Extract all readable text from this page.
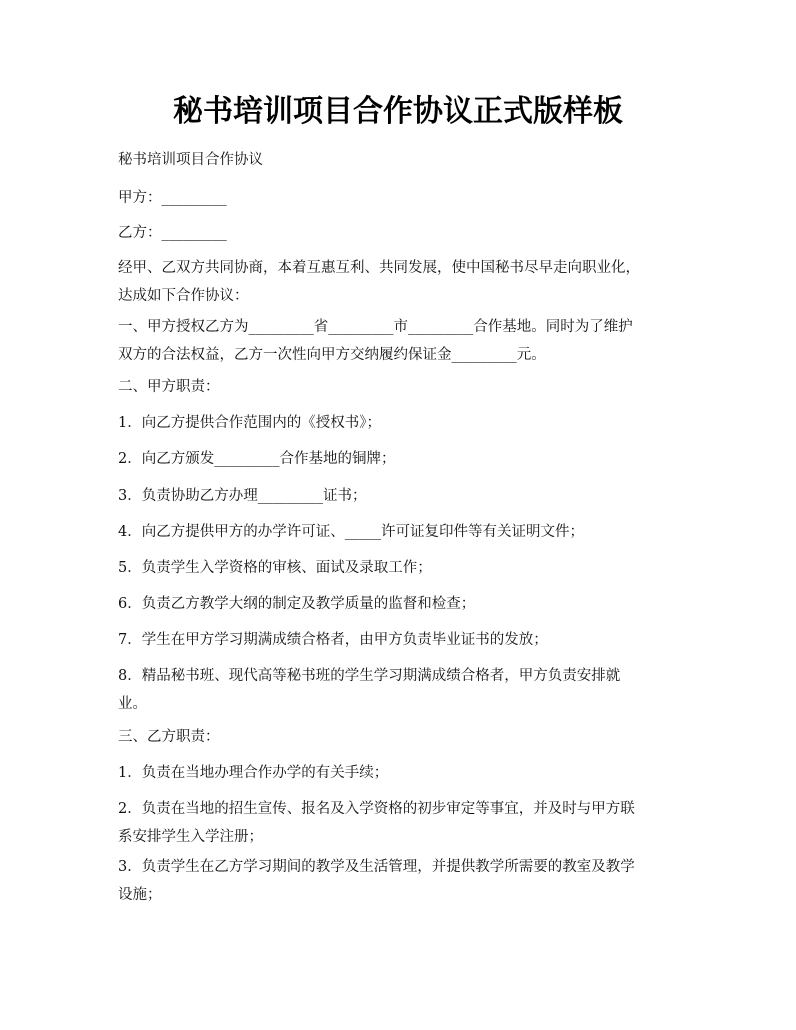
秘书培训项目合作协议正式版样板
秘书培训项目合作协议
甲方：_________
乙方：_________
经甲、乙双方共同协商，本着互惠互利、共同发展，使中国秘书尽早走向职业化，
达成如下合作协议：
一、甲方授权乙方为_________省_________市_________合作基地。同时为了维护
双方的合法权益，乙方一次性向甲方交纳履约保证金_________元。
二、甲方职责：
1．向乙方提供合作范围内的《授权书》；
2．向乙方颁发_________合作基地的铜牌；
3．负责协助乙方办理_________证书；
4．向乙方提供甲方的办学许可证、_____许可证复印件等有关证明文件；
5．负责学生入学资格的审核、面试及录取工作；
6．负责乙方教学大纲的制定及教学质量的监督和检查；
7．学生在甲方学习期满成绩合格者，由甲方负责毕业证书的发放；
8．精品秘书班、现代高等秘书班的学生学习期满成绩合格者，甲方负责安排就
业。
三、乙方职责：
1．负责在当地办理合作办学的有关手续；
2．负责在当地的招生宣传、报名及入学资格的初步审定等事宜，并及时与甲方联
系安排学生入学注册；
3．负责学生在乙方学习期间的教学及生活管理，并提供教学所需要的教室及教学
设施；
